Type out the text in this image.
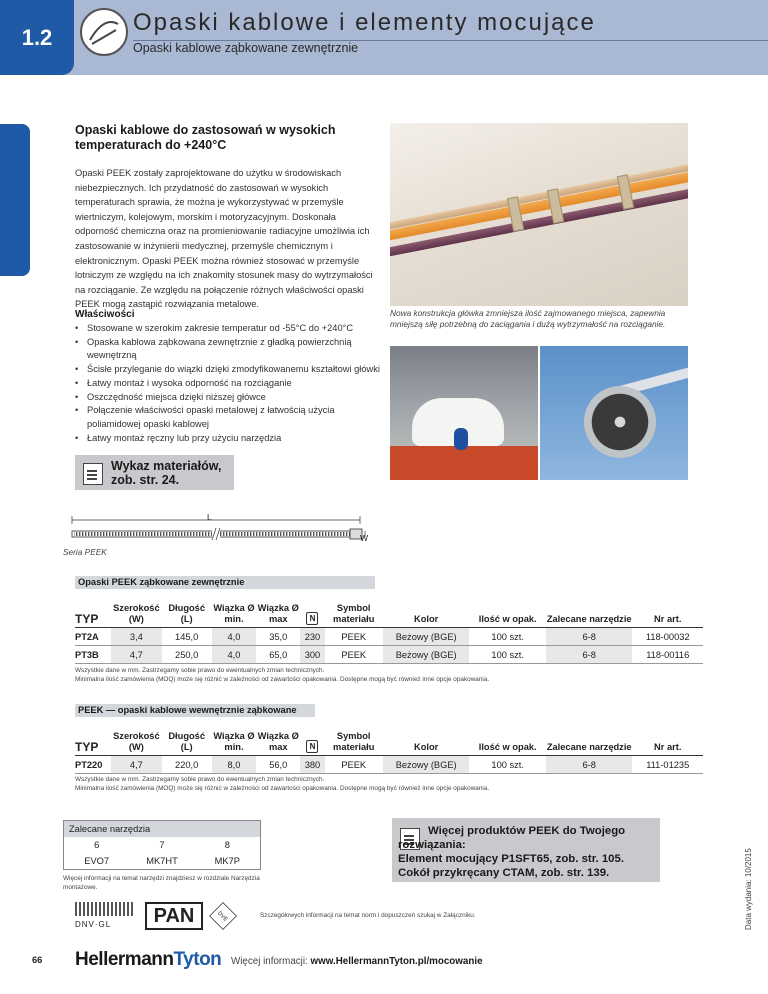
1.2
Opaski kablowe i elementy mocujące
Opaski kablowe ząbkowane zewnętrznie
Opaski kablowe do zastosowań w wysokich temperaturach do +240°C
Opaski PEEK zostały zaprojektowane do użytku w środowiskach niebezpiecznych. Ich przydatność do zastosowań w wysokich temperaturach sprawia, że można je wykorzystywać w przemyśle wiertniczym, kolejowym, morskim i motoryzacyjnym. Doskonała odporność chemiczna oraz na promieniowanie radiacyjne umożliwia ich zastosowanie w inżynierii medycznej, przemyśle chemicznym i elektronicznym. Opaski PEEK można również stosować w przemyśle lotniczym ze względu na ich znakomity stosunek masy do wytrzymałości na rozciąganie. Ze względu na połączenie różnych właściwości opaski PEEK mogą zastąpić rozwiązania metalowe.
Właściwości
• Stosowane w szerokim zakresie temperatur od -55°C do +240°C
• Opaska kablowa ząbkowana zewnętrznie z gładką powierzchnią wewnętrzną
• Ścisłe przyleganie do wiązki dzięki zmodyfikowanemu kształtowi główki
• Łatwy montaż i wysoka odporność na rozciąganie
• Oszczędność miejsca dzięki niższej główce
• Połączenie właściwości opaski metalowej z łatwością użycia poliamidowej opaski kablowej
• Łatwy montaż ręczny lub przy użyciu narzędzia
Nowa konstrukcja główka zmniejsza ilość zajmowanego miejsca, zapewnia mniejszą siłę potrzebną do zaciągania i dużą wytrzymałość na rozciąganie.
Wykaz materiałów,
zob. str. 24.
L
W
Seria PEEK
Opaski PEEK ząbkowane zewnętrznie
TYP	Szerokość (W)	Długość (L)	Wiązka Ø min.	Wiązka Ø max	N	Symbol materiału	Kolor	Ilość w opak.	Zalecane narzędzie	Nr art.
PT2A	3,4	145,0	4,0	35,0	230	PEEK	Beżowy (BGE)	100 szt.	6-8	118-00032
PT3B	4,7	250,0	4,0	65,0	300	PEEK	Beżowy (BGE)	100 szt.	6-8	118-00116
Wszystkie dane w mm. Zastrzegamy sobie prawo do ewentualnych zmian technicznych.
Minimalna ilość zamówienia (MOQ) może się różnić w zależności od zawartości opakowania. Dostępne mogą być również inne opcje opakowania.
PEEK — opaski kablowe wewnętrznie ząbkowane
TYP	Szerokość (W)	Długość (L)	Wiązka Ø min.	Wiązka Ø max	N	Symbol materiału	Kolor	Ilość w opak.	Zalecane narzędzie	Nr art.
PT220	4,7	220,0	8,0	56,0	380	PEEK	Beżowy (BGE)	100 szt.	6-8	111-01235
Wszystkie dane w mm. Zastrzegamy sobie prawo do ewentualnych zmian technicznych.
Minimalna ilość zamówienia (MOQ) może się różnić w zależności od zawartości opakowania. Dostępne mogą być również inne opcje opakowania.
Zalecane narzędzia
6	7	8
EVO7	MK7HT	MK7P
Więcej informacji na temat narzędzi znajdziesz w rozdziale Narzędzia montażowe.
Więcej produktów PEEK do Twojego rozwiązania:
Element mocujący P1SFT65, zob. str. 105.
Cokół przykręcany CTAM, zob. str. 139.
DNV·GL	PAN	DVE	Szczegółowych informacji na temat norm i dopuszczeń szukaj w Załączniku.
66 HellermannTyton Więcej informacji: www.HellermannTyton.pl/mocowanie
Data wydania: 10/2015
